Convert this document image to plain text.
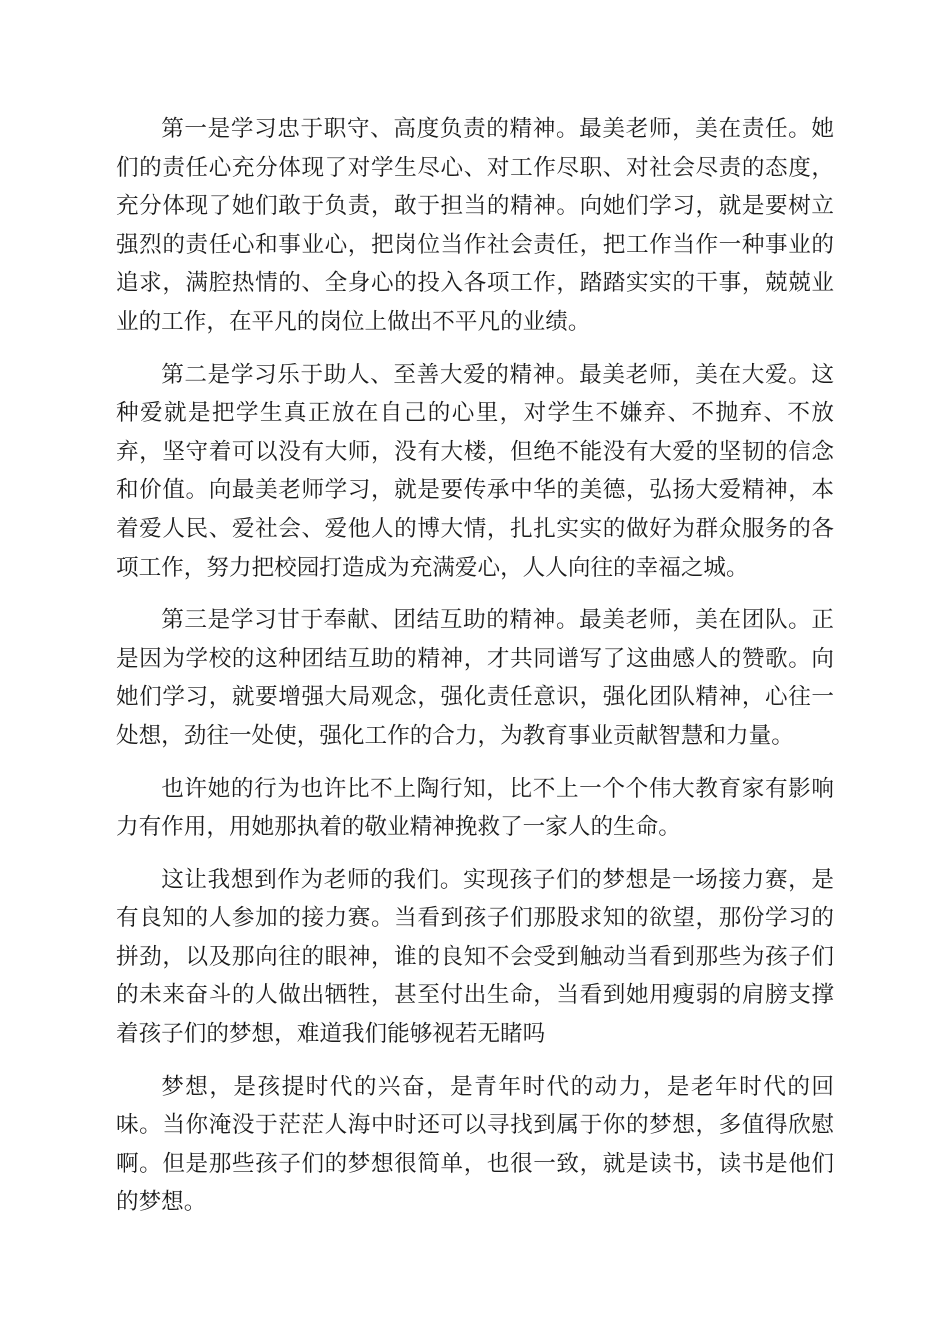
第一是学习忠于职守、高度负责的精神。最美老师，美在责任。她们的责任心充分体现了对学生尽心、对工作尽职、对社会尽责的态度，充分体现了她们敢于负责，敢于担当的精神。向她们学习，就是要树立强烈的责任心和事业心，把岗位当作社会责任，把工作当作一种事业的追求，满腔热情的、全身心的投入各项工作，踏踏实实的干事，兢兢业业的工作，在平凡的岗位上做出不平凡的业绩。

第二是学习乐于助人、至善大爱的精神。最美老师，美在大爱。这种爱就是把学生真正放在自己的心里，对学生不嫌弃、不抛弃、不放弃，坚守着可以没有大师，没有大楼，但绝不能没有大爱的坚韧的信念和价值。向最美老师学习，就是要传承中华的美德，弘扬大爱精神，本着爱人民、爱社会、爱他人的博大情，扎扎实实的做好为群众服务的各项工作，努力把校园打造成为充满爱心，人人向往的幸福之城。

第三是学习甘于奉献、团结互助的精神。最美老师，美在团队。正是因为学校的这种团结互助的精神，才共同谱写了这曲感人的赞歌。向她们学习，就要增强大局观念，强化责任意识，强化团队精神，心往一处想，劲往一处使，强化工作的合力，为教育事业贡献智慧和力量。

也许她的行为也许比不上陶行知，比不上一个个伟大教育家有影响力有作用，用她那执着的敬业精神挽救了一家人的生命。

这让我想到作为老师的我们。实现孩子们的梦想是一场接力赛，是有良知的人参加的接力赛。当看到孩子们那股求知的欲望，那份学习的拼劲，以及那向往的眼神，谁的良知不会受到触动当看到那些为孩子们的未来奋斗的人做出牺牲，甚至付出生命，当看到她用瘦弱的肩膀支撑着孩子们的梦想，难道我们能够视若无睹吗

梦想，是孩提时代的兴奋，是青年时代的动力，是老年时代的回味。当你淹没于茫茫人海中时还可以寻找到属于你的梦想，多值得欣慰啊。但是那些孩子们的梦想很简单，也很一致，就是读书，读书是他们的梦想。
